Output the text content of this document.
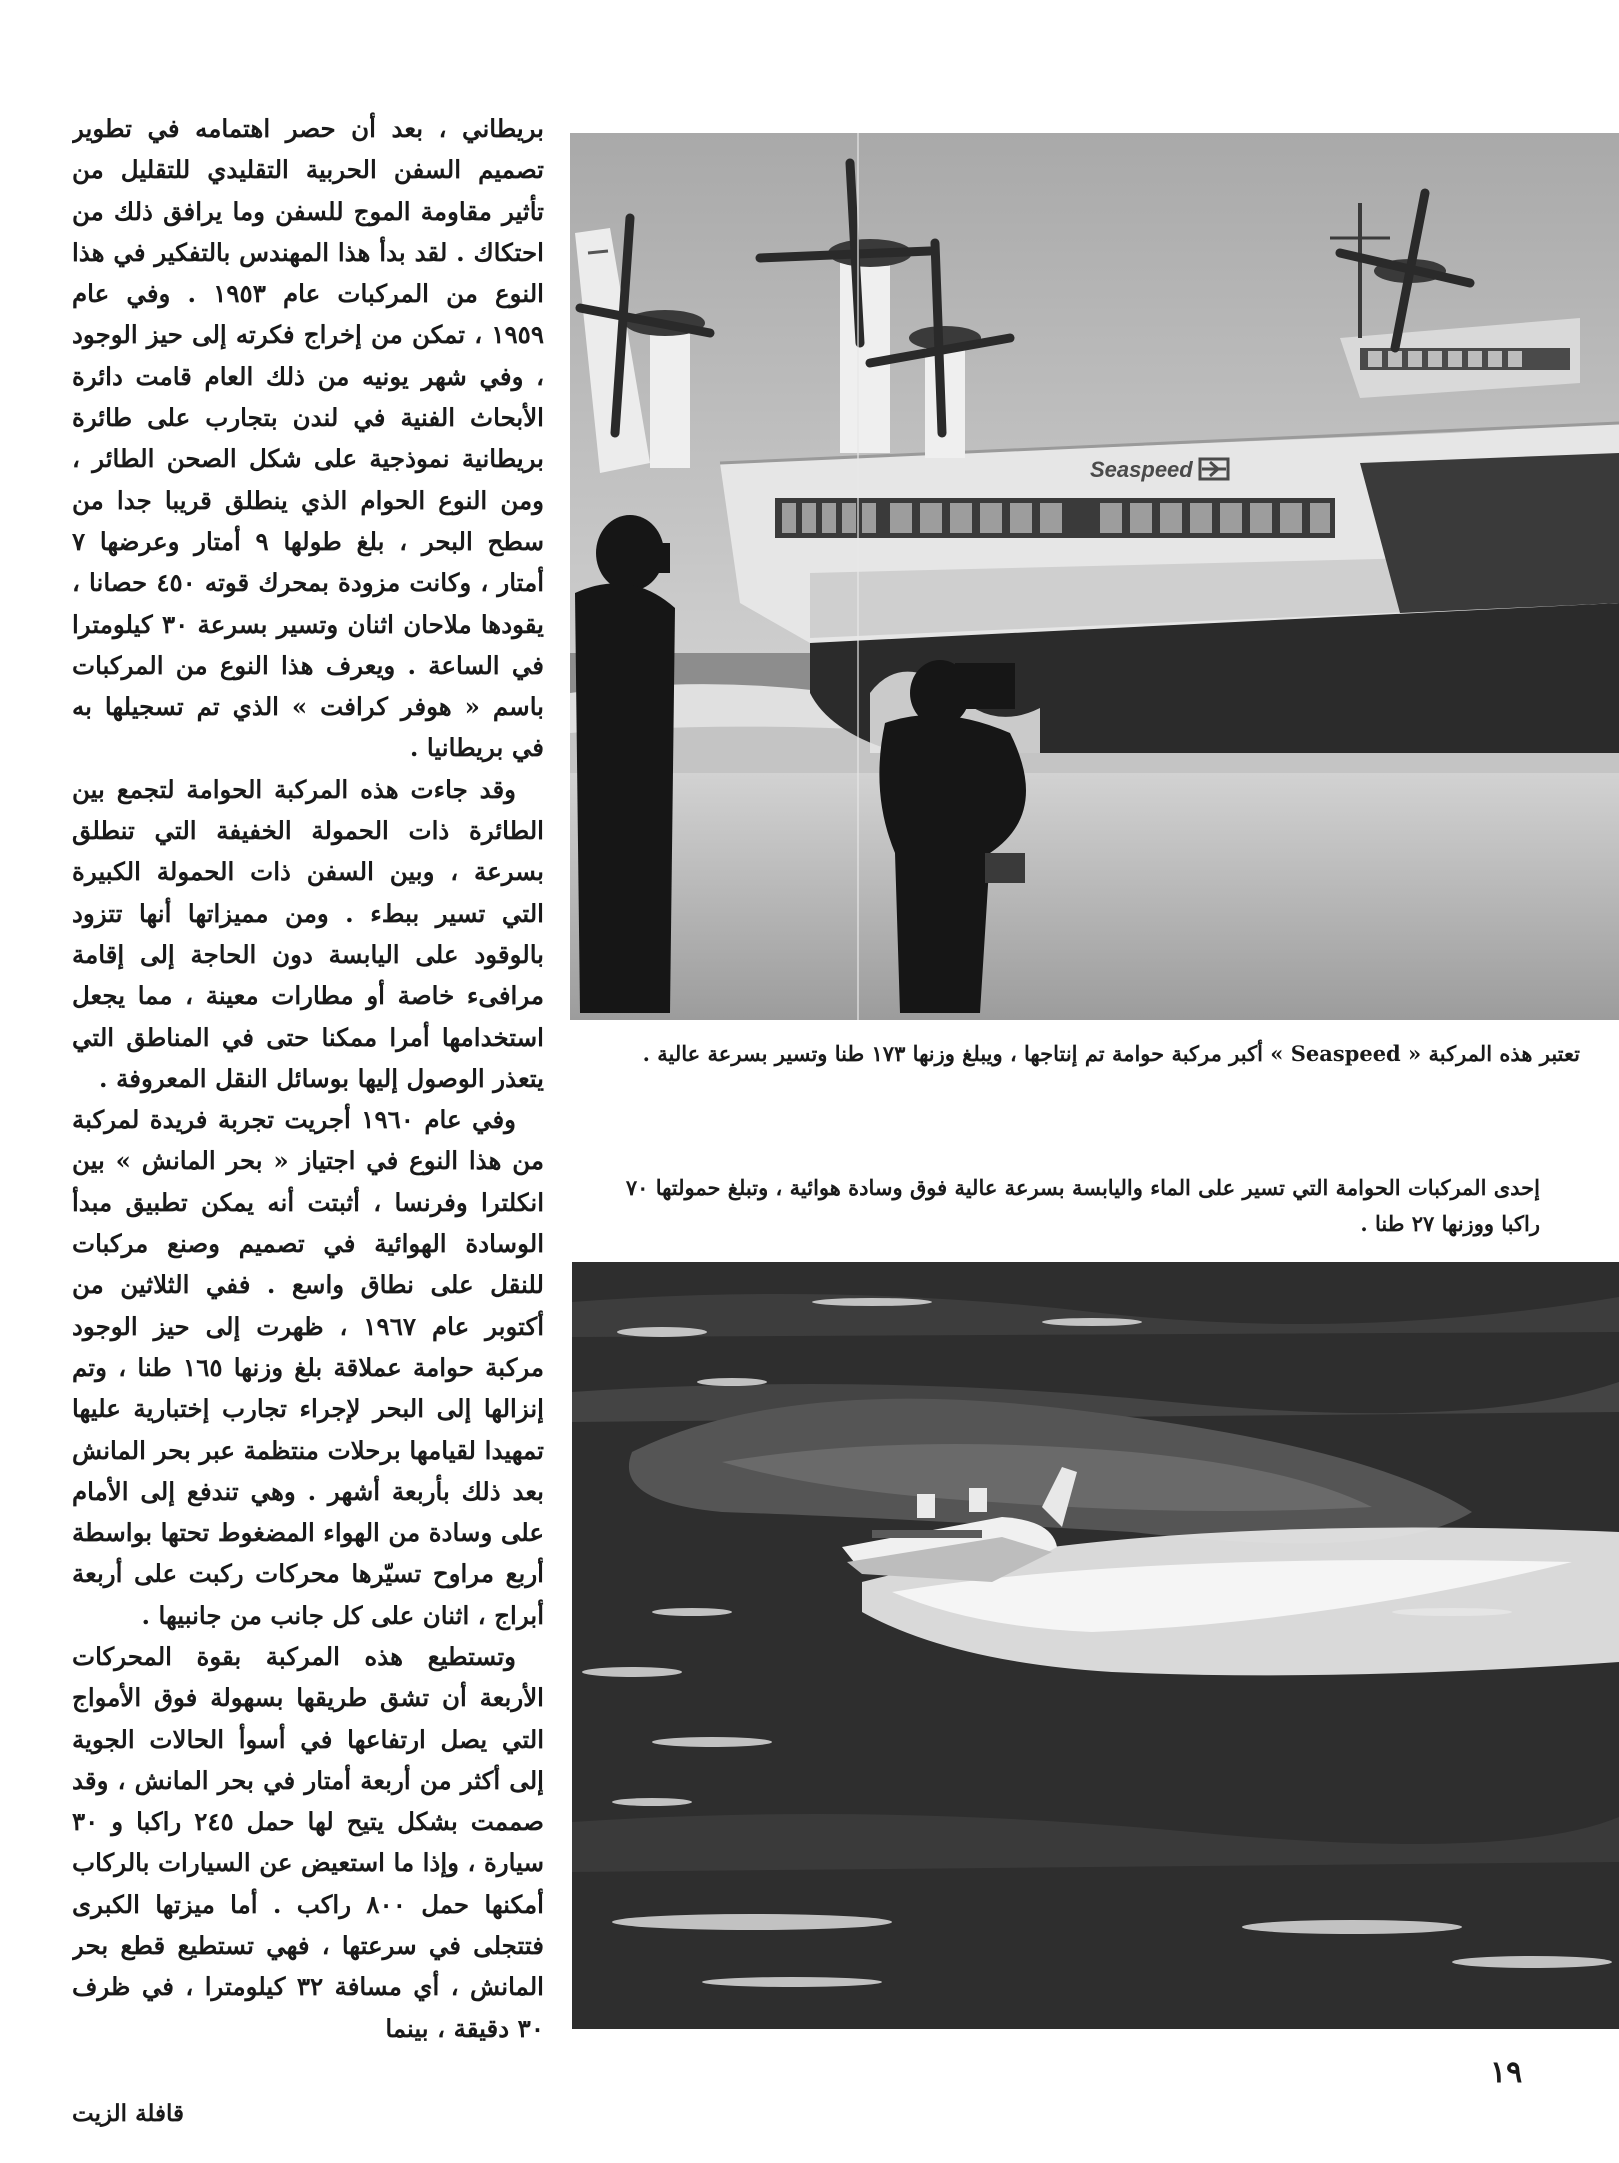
بريطاني ، بعد أن حصر اهتمامه في تطوير تصميم السفن الحربية التقليدي للتقليل من تأثير مقاومة الموج للسفن وما يرافق ذلك من احتكاك . لقد بدأ هذا المهندس بالتفكير في هذا النوع من المركبات عام ١٩٥٣ . وفي عام ١٩٥٩ ، تمكن من إخراج فكرته إلى حيز الوجود ، وفي شهر يونيه من ذلك العام قامت دائرة الأبحاث الفنية في لندن بتجارب على طائرة بريطانية نموذجية على شكل الصحن الطائر ، ومن النوع الحوام الذي ينطلق قريبا جدا من سطح البحر ، بلغ طولها ٩ أمتار وعرضها ٧ أمتار ، وكانت مزودة بمحرك قوته ٤٥٠ حصانا ، يقودها ملاحان اثنان وتسير بسرعة ٣٠ كيلومترا في الساعة . ويعرف هذا النوع من المركبات باسم « هوفر كرافت » الذي تم تسجيلها به في بريطانيا .

وقد جاءت هذه المركبة الحوامة لتجمع بين الطائرة ذات الحمولة الخفيفة التي تنطلق بسرعة ، وبين السفن ذات الحمولة الكبيرة التي تسير ببطء . ومن مميزاتها أنها تتزود بالوقود على اليابسة دون الحاجة إلى إقامة مرافىء خاصة أو مطارات معينة ، مما يجعل استخدامها أمرا ممكنا حتى في المناطق التي يتعذر الوصول إليها بوسائل النقل المعروفة .

وفي عام ١٩٦٠ أجريت تجربة فريدة لمركبة من هذا النوع في اجتياز « بحر المانش » بين انكلترا وفرنسا ، أثبتت أنه يمكن تطبيق مبدأ الوسادة الهوائية في تصميم وصنع مركبات للنقل على نطاق واسع . ففي الثلاثين من أكتوبر عام ١٩٦٧ ، ظهرت إلى حيز الوجود مركبة حوامة عملاقة بلغ وزنها ١٦٥ طنا ، وتم إنزالها إلى البحر لإجراء تجارب إختبارية عليها تمهيدا لقيامها برحلات منتظمة عبر بحر المانش بعد ذلك بأربعة أشهر . وهي تندفع إلى الأمام على وسادة من الهواء المضغوط تحتها بواسطة أربع مراوح تسيّرها محركات ركبت على أربعة أبراج ، اثنان على كل جانب من جانبيها .

وتستطيع هذه المركبة بقوة المحركات الأربعة أن تشق طريقها بسهولة فوق الأمواج التي يصل ارتفاعها في أسوأ الحالات الجوية إلى أكثر من أربعة أمتار في بحر المانش ، وقد صممت بشكل يتيح لها حمل ٢٤٥ راكبا و ٣٠ سيارة ، وإذا ما استعيض عن السيارات بالركاب أمكنها حمل ٨٠٠ راكب . أما ميزتها الكبرى فتتجلى في سرعتها ، فهي تستطيع قطع بحر المانش ، أي مسافة ٣٢ كيلومترا ، في ظرف ٣٠ دقيقة ، بينما

Seaspeed
تعتبر هذه المركبة « Seaspeed » أكبر مركبة حوامة تم إنتاجها ، ويبلغ وزنها ١٧٣ طنا وتسير بسرعة عالية .
إحدى المركبات الحوامة التي تسير على الماء واليابسة بسرعة عالية فوق وسادة هوائية ، وتبلغ حمولتها ٧٠ راكبا ووزنها ٢٧ طنا .
١٩
قافلة الزيت
